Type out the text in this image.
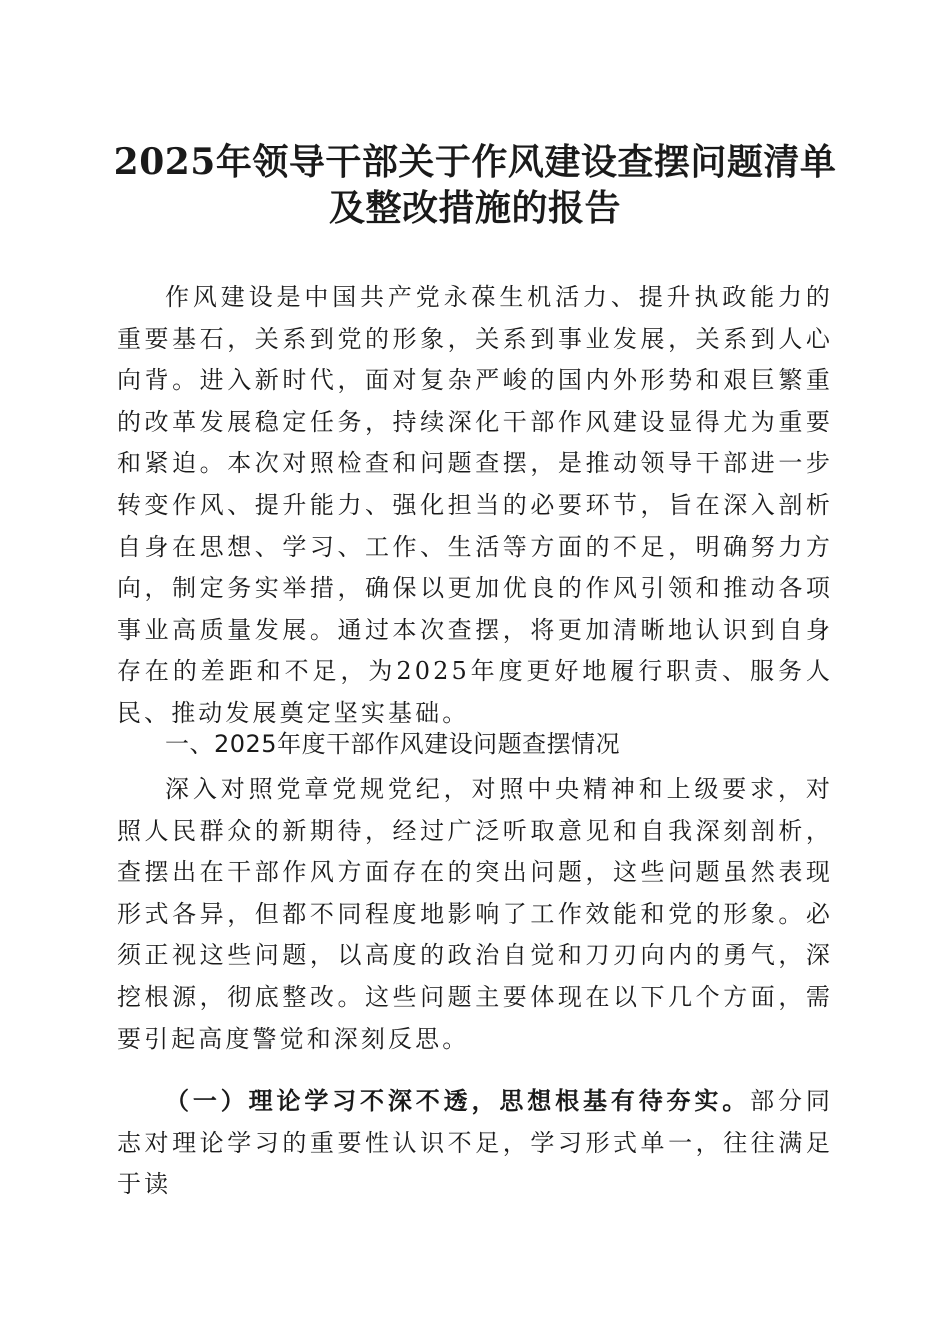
2025年领导干部关于作风建设查摆问题清单
及整改措施的报告

作风建设是中国共产党永葆生机活力、提升执政能力的重要基石，关系到党的形象，关系到事业发展，关系到人心向背。进入新时代，面对复杂严峻的国内外形势和艰巨繁重的改革发展稳定任务，持续深化干部作风建设显得尤为重要和紧迫。本次对照检查和问题查摆，是推动领导干部进一步转变作风、提升能力、强化担当的必要环节，旨在深入剖析自身在思想、学习、工作、生活等方面的不足，明确努力方向，制定务实举措，确保以更加优良的作风引领和推动各项事业高质量发展。通过本次查摆，将更加清晰地认识到自身存在的差距和不足，为2025年度更好地履行职责、服务人民、推动发展奠定坚实基础。

一、2025年度干部作风建设问题查摆情况

深入对照党章党规党纪，对照中央精神和上级要求，对照人民群众的新期待，经过广泛听取意见和自我深刻剖析，查摆出在干部作风方面存在的突出问题，这些问题虽然表现形式各异，但都不同程度地影响了工作效能和党的形象。必须正视这些问题，以高度的政治自觉和刀刃向内的勇气，深挖根源，彻底整改。这些问题主要体现在以下几个方面，需要引起高度警觉和深刻反思。

（一）理论学习不深不透，思想根基有待夯实。部分同志对理论学习的重要性认识不足，学习形式单一，往往满足于读
